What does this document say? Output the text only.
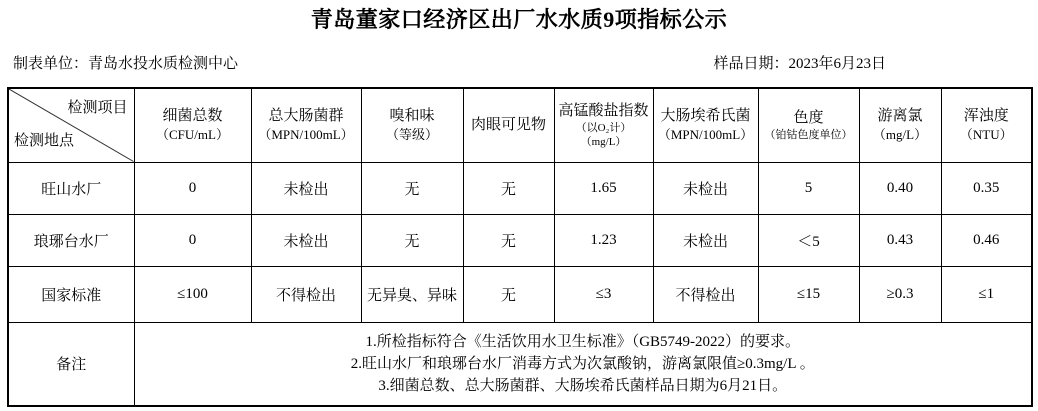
青岛董家口经济区出厂水水质9项指标公示
制表单位：青岛水投水质检测中心	样品日期：2023年6月23日
检测项目
检测地点

细菌总数
（CFU/mL）

总大肠菌群
（MPN/100mL）

嗅和味
（等级）

肉眼可见物

高锰酸盐指数
（以O₂计）
（mg/L）

大肠埃希氏菌
（MPN/100mL）

色度
（铂钴色度单位）

游离氯
（mg/L）

浑浊度
（NTU）

旺山水厂	0	未检出	无	无	1.65	未检出	5	0.40	0.35
琅琊台水厂	0	未检出	无	无	1.23	未检出	＜5	0.43	0.46
国家标准	≤100	不得检出	无异臭、异味	无	≤3	不得检出	≤15	≥0.3	≤1
备注	1.所检指标符合《生活饮用水卫生标准》（GB5749-2022）的要求。
2.旺山水厂和琅琊台水厂消毒方式为次氯酸钠，游离氯限值≥0.3mg/L 。
3.细菌总数、总大肠菌群、大肠埃希氏菌样品日期为6月21日。								
